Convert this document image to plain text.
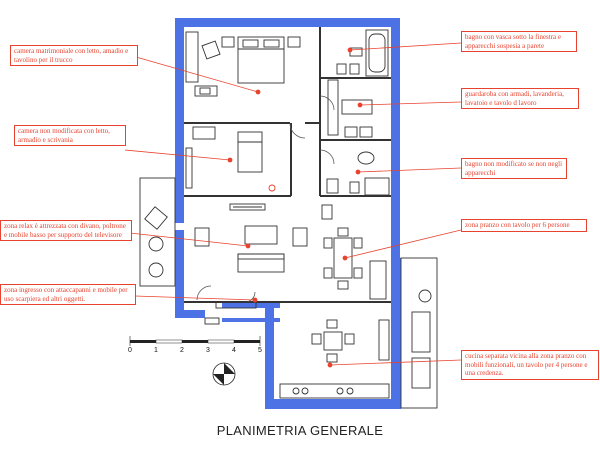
0	1	2	3	4	5
camera matrimoniale con letto, amadio e tavolino per il trucco
camera non modificata con letto, armadio e scrivania
zona relax è attrezzata con divano, poltrone e mobile basso per supporto del televisore
zona ingresso con attaccapanni e mobile per uso scarpiera ed altri oggetti.
bagno con vasca sotto la finestra e apparecchi sospesia a parete
guardaroba con armadi, lavanderia, lavatoio e tavolo d lavoro
bagno non modificato se non negli apparecchi
zona pranzo con tavolo per 6 persone
cucina separata vicina alla zona pranzo con mobili funzionali, un tavolo per 4 persone e una credenza.
PLANIMETRIA GENERALE
